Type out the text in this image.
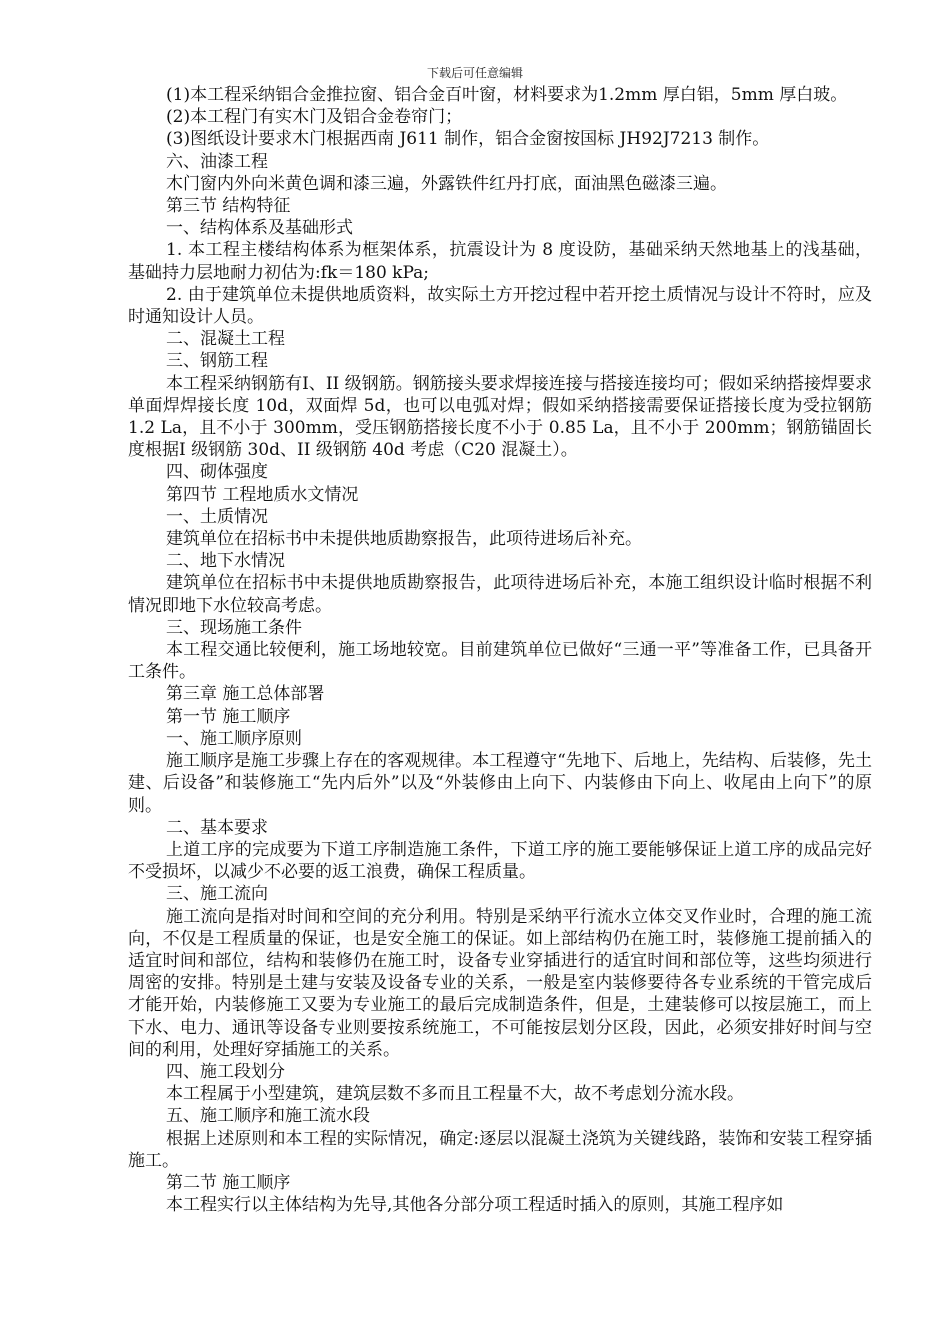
下载后可任意编辑

(1)本工程采纳铝合金推拉窗、铝合金百叶窗，材料要求为1.2mm 厚白铝，5mm 厚白玻。

(2)本工程门有实木门及铝合金卷帘门；

(3)图纸设计要求木门根据西南 J611 制作，铝合金窗按国标 JH92J7213 制作。

六、油漆工程

木门窗内外向米黄色调和漆三遍，外露铁件红丹打底，面油黑色磁漆三遍。

第三节 结构特征

一、结构体系及基础形式

1. 本工程主楼结构体系为框架体系，抗震设计为 8 度设防，基础采纳天然地基上的浅基础，基础持力层地耐力初估为:fk＝180 kPa;

2. 由于建筑单位未提供地质资料，故实际土方开挖过程中若开挖土质情况与设计不符时，应及时通知设计人员。

二、混凝土工程

三、钢筋工程

本工程采纳钢筋有Ⅰ、II 级钢筋。钢筋接头要求焊接连接与搭接连接均可；假如采纳搭接焊要求单面焊焊接长度 10d，双面焊 5d，也可以电弧对焊；假如采纳搭接需要保证搭接长度为受拉钢筋 1.2 La，且不小于 300mm，受压钢筋搭接长度不小于 0.85 La，且不小于 200mm；钢筋锚固长度根据Ⅰ 级钢筋 30d、II 级钢筋 40d 考虑（C20 混凝土）。

四、砌体强度

第四节 工程地质水文情况

一、土质情况

建筑单位在招标书中未提供地质勘察报告，此项待进场后补充。

二、地下水情况

建筑单位在招标书中未提供地质勘察报告，此项待进场后补充，本施工组织设计临时根据不利情况即地下水位较高考虑。

三、现场施工条件

本工程交通比较便利，施工场地较宽。目前建筑单位已做好“三通一平”等准备工作，已具备开工条件。

第三章 施工总体部署

第一节 施工顺序

一、施工顺序原则

施工顺序是施工步骤上存在的客观规律。本工程遵守“先地下、后地上，先结构、后装修，先土建、后设备”和装修施工“先内后外”以及“外装修由上向下、内装修由下向上、收尾由上向下”的原则。

二、基本要求

上道工序的完成要为下道工序制造施工条件，下道工序的施工要能够保证上道工序的成品完好不受损坏，以减少不必要的返工浪费，确保工程质量。

三、施工流向

施工流向是指对时间和空间的充分利用。特别是采纳平行流水立体交叉作业时，合理的施工流向，不仅是工程质量的保证，也是安全施工的保证。如上部结构仍在施工时，装修施工提前插入的适宜时间和部位，结构和装修仍在施工时，设备专业穿插进行的适宜时间和部位等，这些均须进行周密的安排。特别是土建与安装及设备专业的关系，一般是室内装修要待各专业系统的干管完成后才能开始，内装修施工又要为专业施工的最后完成制造条件，但是，土建装修可以按层施工，而上下水、电力、通讯等设备专业则要按系统施工，不可能按层划分区段，因此，必须安排好时间与空间的利用，处理好穿插施工的关系。

四、施工段划分

本工程属于小型建筑，建筑层数不多而且工程量不大，故不考虑划分流水段。

五、施工顺序和施工流水段

根据上述原则和本工程的实际情况，确定:逐层以混凝土浇筑为关键线路，装饰和安装工程穿插施工。

第二节 施工顺序

本工程实行以主体结构为先导,其他各分部分项工程适时插入的原则，其施工程序如
